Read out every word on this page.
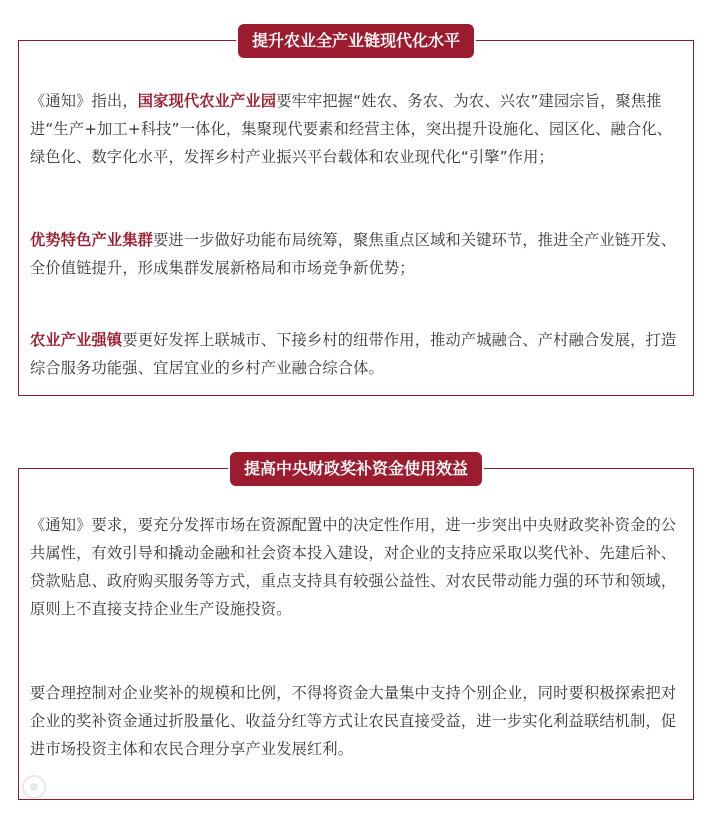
提升农业全产业链现代化水平

《通知》指出，国家现代农业产业园要牢牢把握“姓农、务农、为农、兴农”建园宗旨，聚焦推进“生产+加工+科技”一体化，集聚现代要素和经营主体，突出提升设施化、园区化、融合化、绿色化、数字化水平，发挥乡村产业振兴平台载体和农业现代化“引擎”作用；

优势特色产业集群要进一步做好功能布局统筹，聚焦重点区域和关键环节，推进全产业链开发、全价值链提升，形成集群发展新格局和市场竞争新优势；

农业产业强镇要更好发挥上联城市、下接乡村的纽带作用，推动产城融合、产村融合发展，打造综合服务功能强、宜居宜业的乡村产业融合综合体。

提高中央财政奖补资金使用效益

《通知》要求，要充分发挥市场在资源配置中的决定性作用，进一步突出中央财政奖补资金的公共属性，有效引导和撬动金融和社会资本投入建设，对企业的支持应采取以奖代补、先建后补、贷款贴息、政府购买服务等方式，重点支持具有较强公益性、对农民带动能力强的环节和领域，原则上不直接支持企业生产设施投资。

要合理控制对企业奖补的规模和比例，不得将资金大量集中支持个别企业，同时要积极探索把对企业的奖补资金通过折股量化、收益分红等方式让农民直接受益，进一步实化利益联结机制，促进市场投资主体和农民合理分享产业发展红利。
